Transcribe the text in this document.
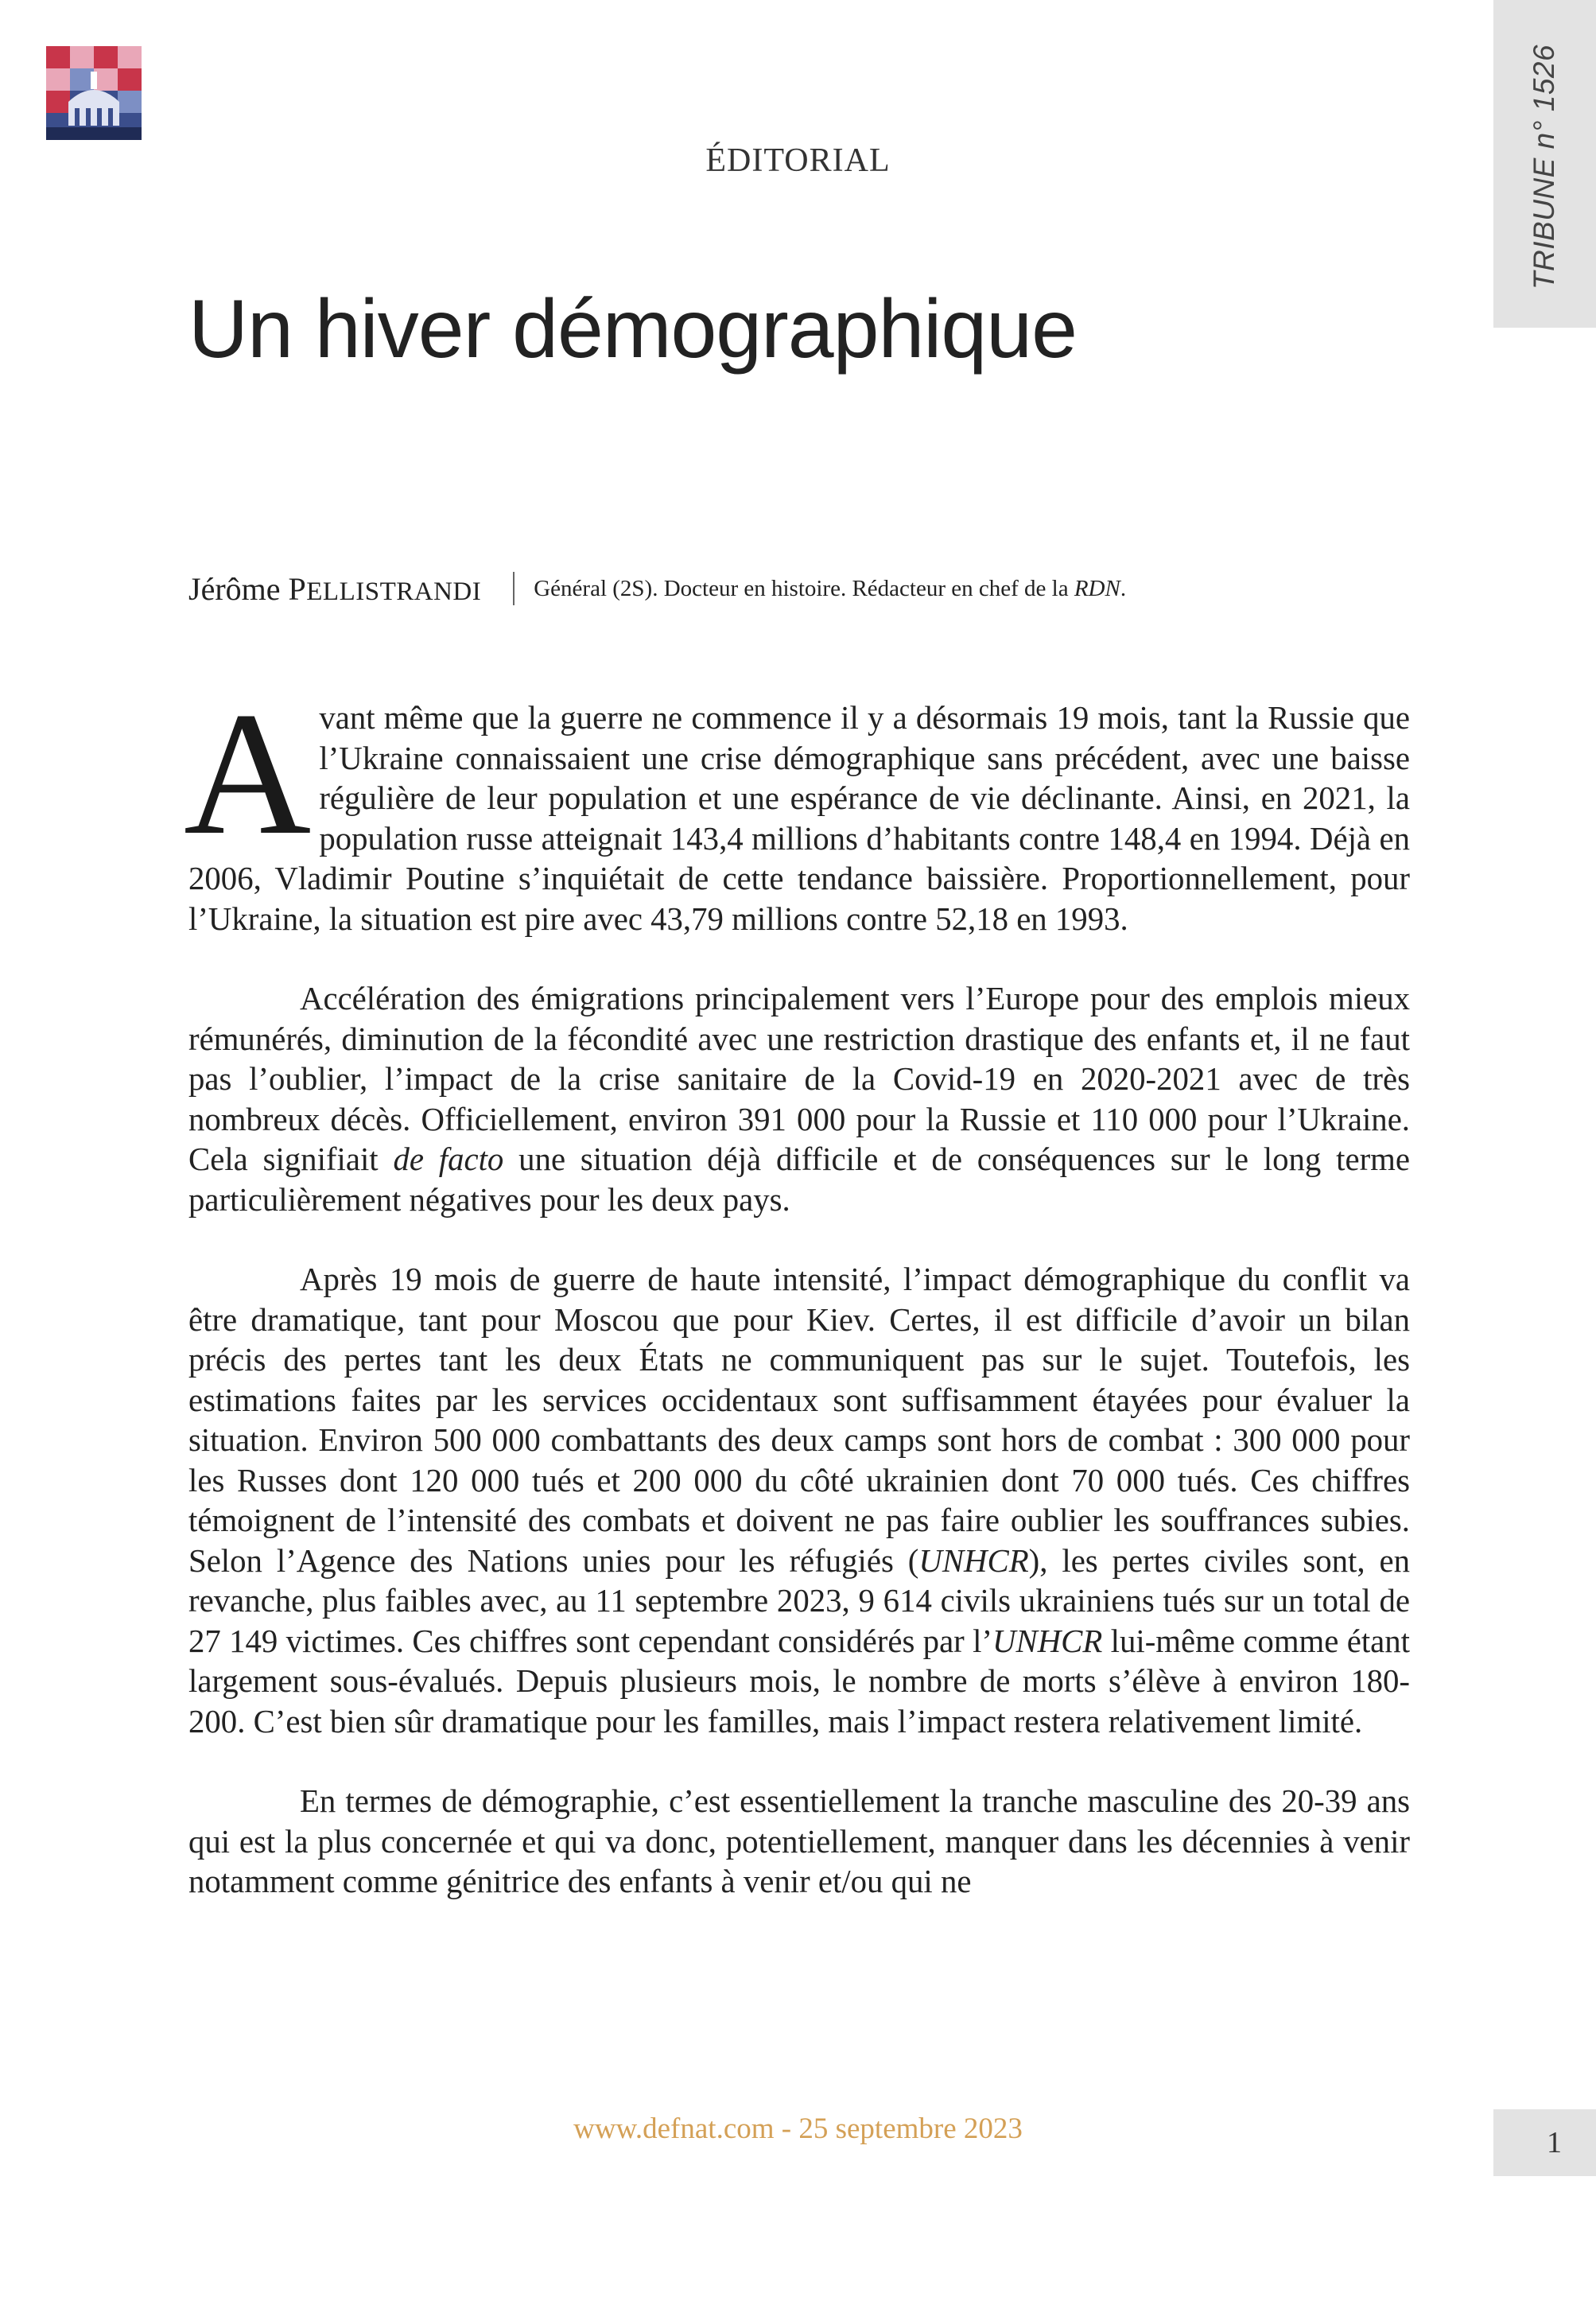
TRIBUNE n° 1526
ÉDITORIAL
Un hiver démographique
Jérôme PELLISTRANDI Général (2S). Docteur en histoire. Rédacteur en chef de la RDN.

Avant même que la guerre ne commence il y a désormais 19 mois, tant la Russie que l’Ukraine connaissaient une crise démographique sans précédent, avec une baisse régulière de leur population et une espérance de vie déclinante. Ainsi, en 2021, la population russe atteignait 143,4 millions d’habitants contre 148,4 en 1994. Déjà en 2006, Vladimir Poutine s’inquiétait de cette tendance baissière. Proportionnellement, pour l’Ukraine, la situation est pire avec 43,79 millions contre 52,18 en 1993.

Accélération des émigrations principalement vers l’Europe pour des emplois mieux rémunérés, diminution de la fécondité avec une restriction drastique des enfants et, il ne faut pas l’oublier, l’impact de la crise sanitaire de la Covid-19 en 2020-2021 avec de très nombreux décès. Officiellement, environ 391 000 pour la Russie et 110 000 pour l’Ukraine. Cela signifiait de facto une situation déjà difficile et de conséquences sur le long terme particulièrement négatives pour les deux pays.

Après 19 mois de guerre de haute intensité, l’impact démographique du conflit va être dramatique, tant pour Moscou que pour Kiev. Certes, il est difficile d’avoir un bilan précis des pertes tant les deux États ne communiquent pas sur le sujet. Toutefois, les estimations faites par les services occidentaux sont suffisamment étayées pour évaluer la situation. Environ 500 000 combattants des deux camps sont hors de combat : 300 000 pour les Russes dont 120 000 tués et 200 000 du côté ukrainien dont 70 000 tués. Ces chiffres témoignent de l’intensité des combats et doivent ne pas faire oublier les souffrances subies. Selon l’Agence des Nations unies pour les réfugiés (UNHCR), les pertes civiles sont, en revanche, plus faibles avec, au 11 septembre 2023, 9 614 civils ukrainiens tués sur un total de 27 149 victimes. Ces chiffres sont cependant considérés par l’UNHCR lui-même comme étant largement sous-évalués. Depuis plusieurs mois, le nombre de morts s’élève à environ 180-200. C’est bien sûr dramatique pour les familles, mais l’impact restera relativement limité.

En termes de démographie, c’est essentiellement la tranche masculine des 20-39 ans qui est la plus concernée et qui va donc, potentiellement, manquer dans les décennies à venir notamment comme génitrice des enfants à venir et/ou qui ne

www.defnat.com - 25 septembre 2023	1
